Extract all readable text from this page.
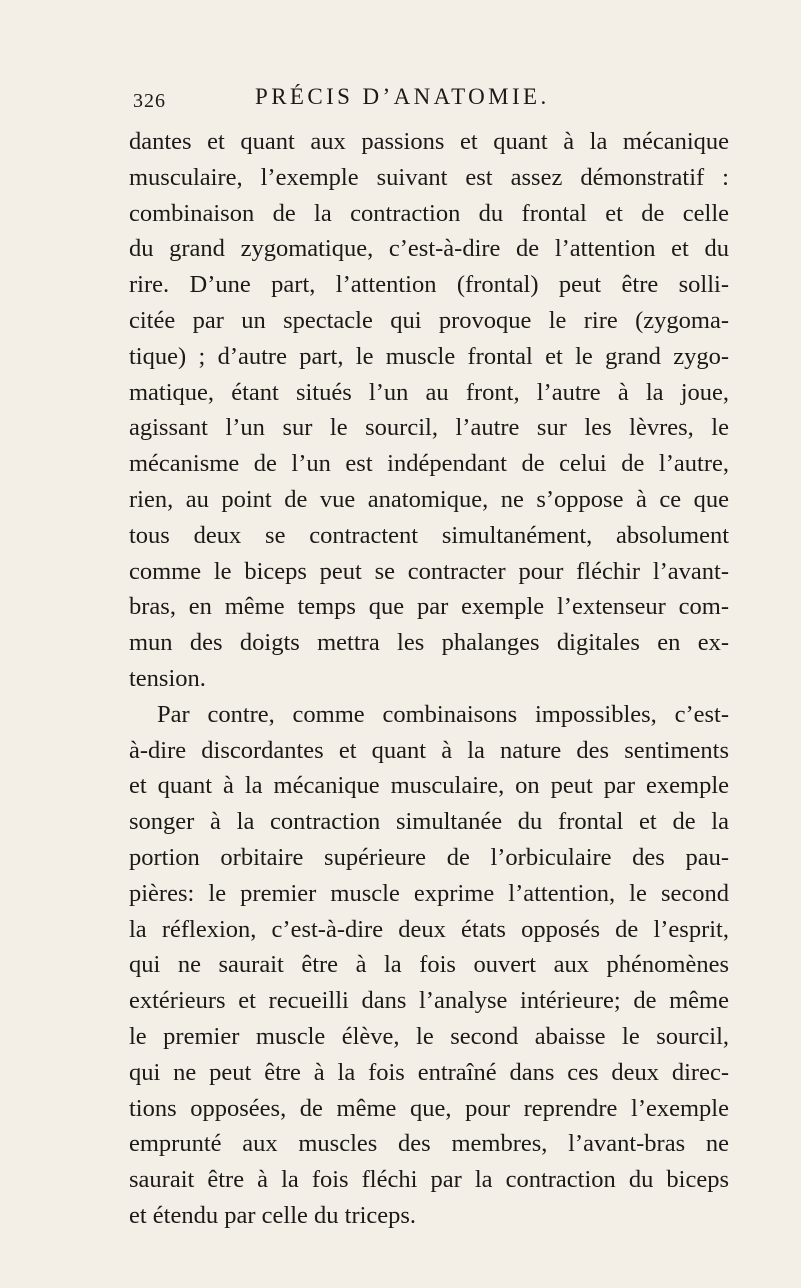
326	PRÉCIS D’ANATOMIE.
dantes et quant aux passions et quant à la mécanique
musculaire, l’exemple suivant est assez démonstratif :
combinaison de la contraction du frontal et de celle
du grand zygomatique, c’est-à-dire de l’attention et du
rire. D’une part, l’attention (frontal) peut être solli-
citée par un spectacle qui provoque le rire (zygoma-
tique) ; d’autre part, le muscle frontal et le grand zygo-
matique, étant situés l’un au front, l’autre à la joue,
agissant l’un sur le sourcil, l’autre sur les lèvres, le
mécanisme de l’un est indépendant de celui de l’autre,
rien, au point de vue anatomique, ne s’oppose à ce que
tous deux se contractent simultanément, absolument
comme le biceps peut se contracter pour fléchir l’avant-
bras, en même temps que par exemple l’extenseur com-
mun des doigts mettra les phalanges digitales en ex-
tension.
Par contre, comme combinaisons impossibles, c’est-
à-dire discordantes et quant à la nature des sentiments
et quant à la mécanique musculaire, on peut par exemple
songer à la contraction simultanée du frontal et de la
portion orbitaire supérieure de l’orbiculaire des pau-
pières: le premier muscle exprime l’attention, le second
la réflexion, c’est-à-dire deux états opposés de l’esprit,
qui ne saurait être à la fois ouvert aux phénomènes
extérieurs et recueilli dans l’analyse intérieure; de même
le premier muscle élève, le second abaisse le sourcil,
qui ne peut être à la fois entraîné dans ces deux direc-
tions opposées, de même que, pour reprendre l’exemple
emprunté aux muscles des membres, l’avant-bras ne
saurait être à la fois fléchi par la contraction du biceps
et étendu par celle du triceps.
